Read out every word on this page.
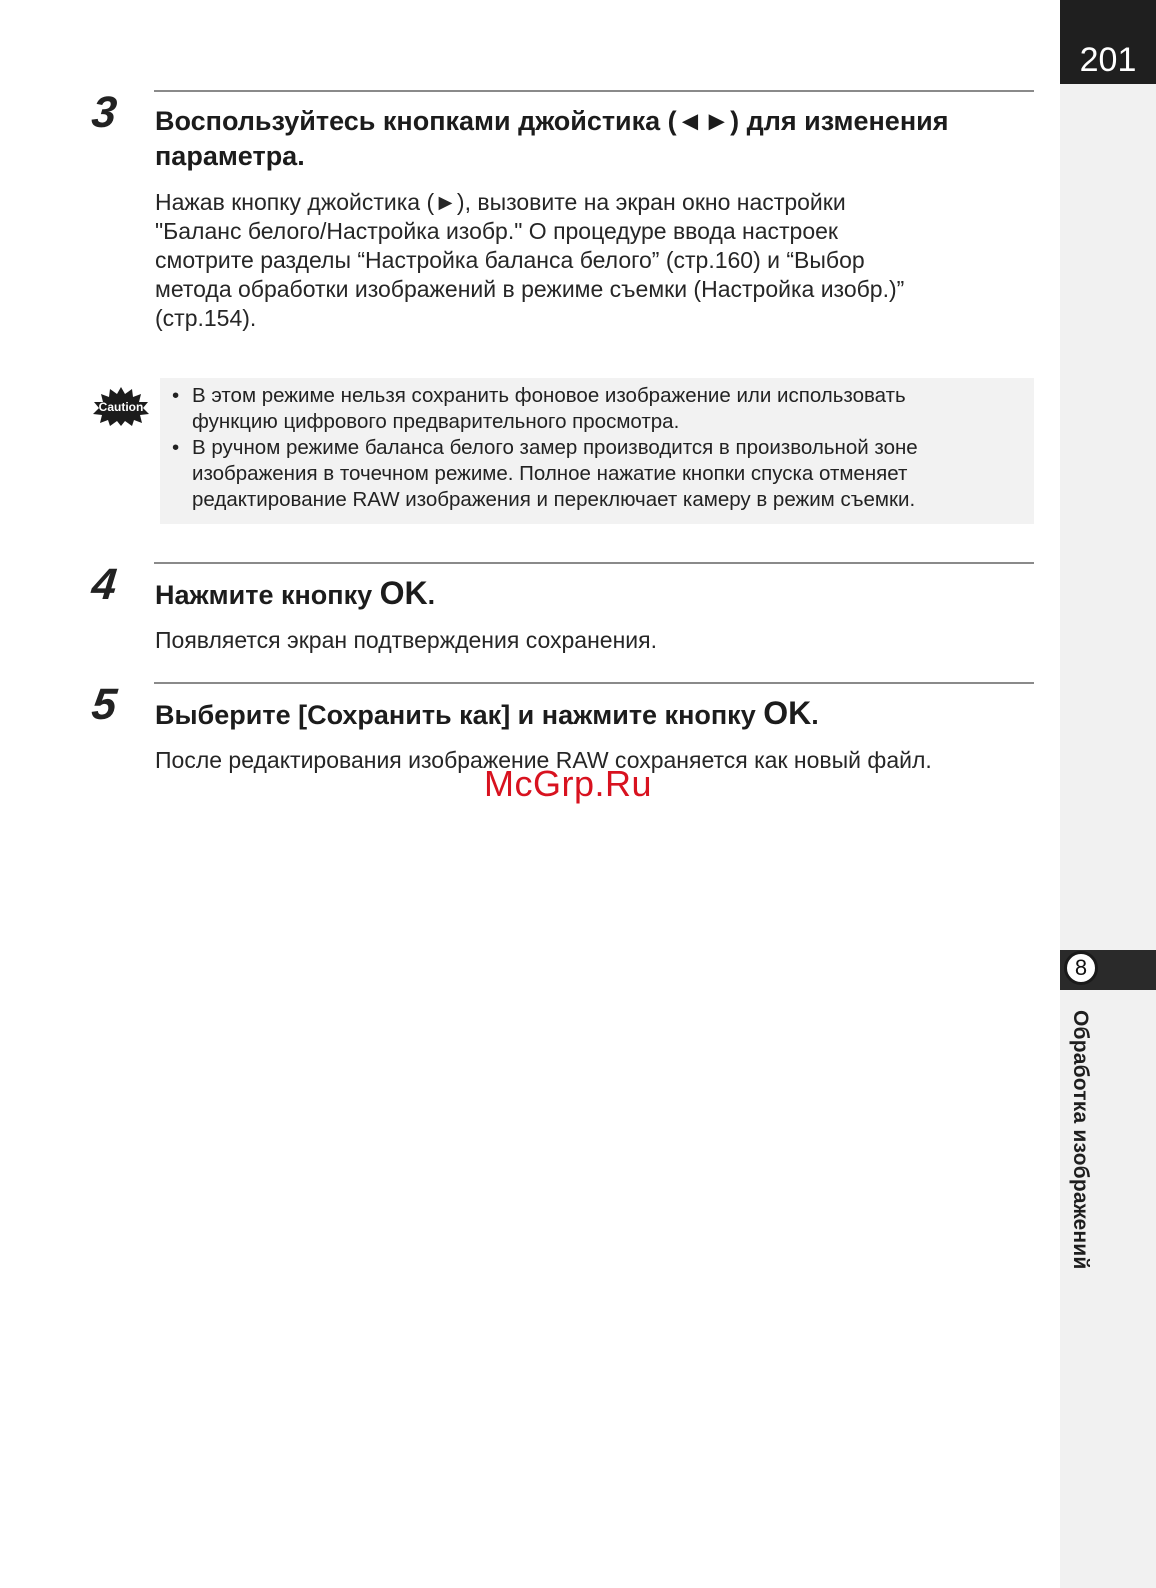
201
8
Обработка изображений
3 Воспользуйтесь кнопками джойстика (◄►) для изменения
параметра.
Нажав кнопку джойстика (►), вызовите на экран окно настройки
"Баланс белого/Настройка изобр." О процедуре ввода настроек
смотрите разделы “Настройка баланса белого” (стр.160) и “Выбор
метода обработки изображений в режиме съемки (Настройка изобр.)”
(стр.154).
Caution • В этом режиме нельзя сохранить фоновое изображение или использовать
функцию цифрового предварительного просмотра.
• В ручном режиме баланса белого замер производится в произвольной зоне
изображения в точечном режиме. Полное нажатие кнопки спуска отменяет
редактирование RAW изображения и переключает камеру в режим съемки.
4 Нажмите кнопку OK.
Появляется экран подтверждения сохранения.
5 Выберите [Сохранить как] и нажмите кнопку OK.
После редактирования изображение RAW сохраняется как новый файл.
McGrp.Ru
